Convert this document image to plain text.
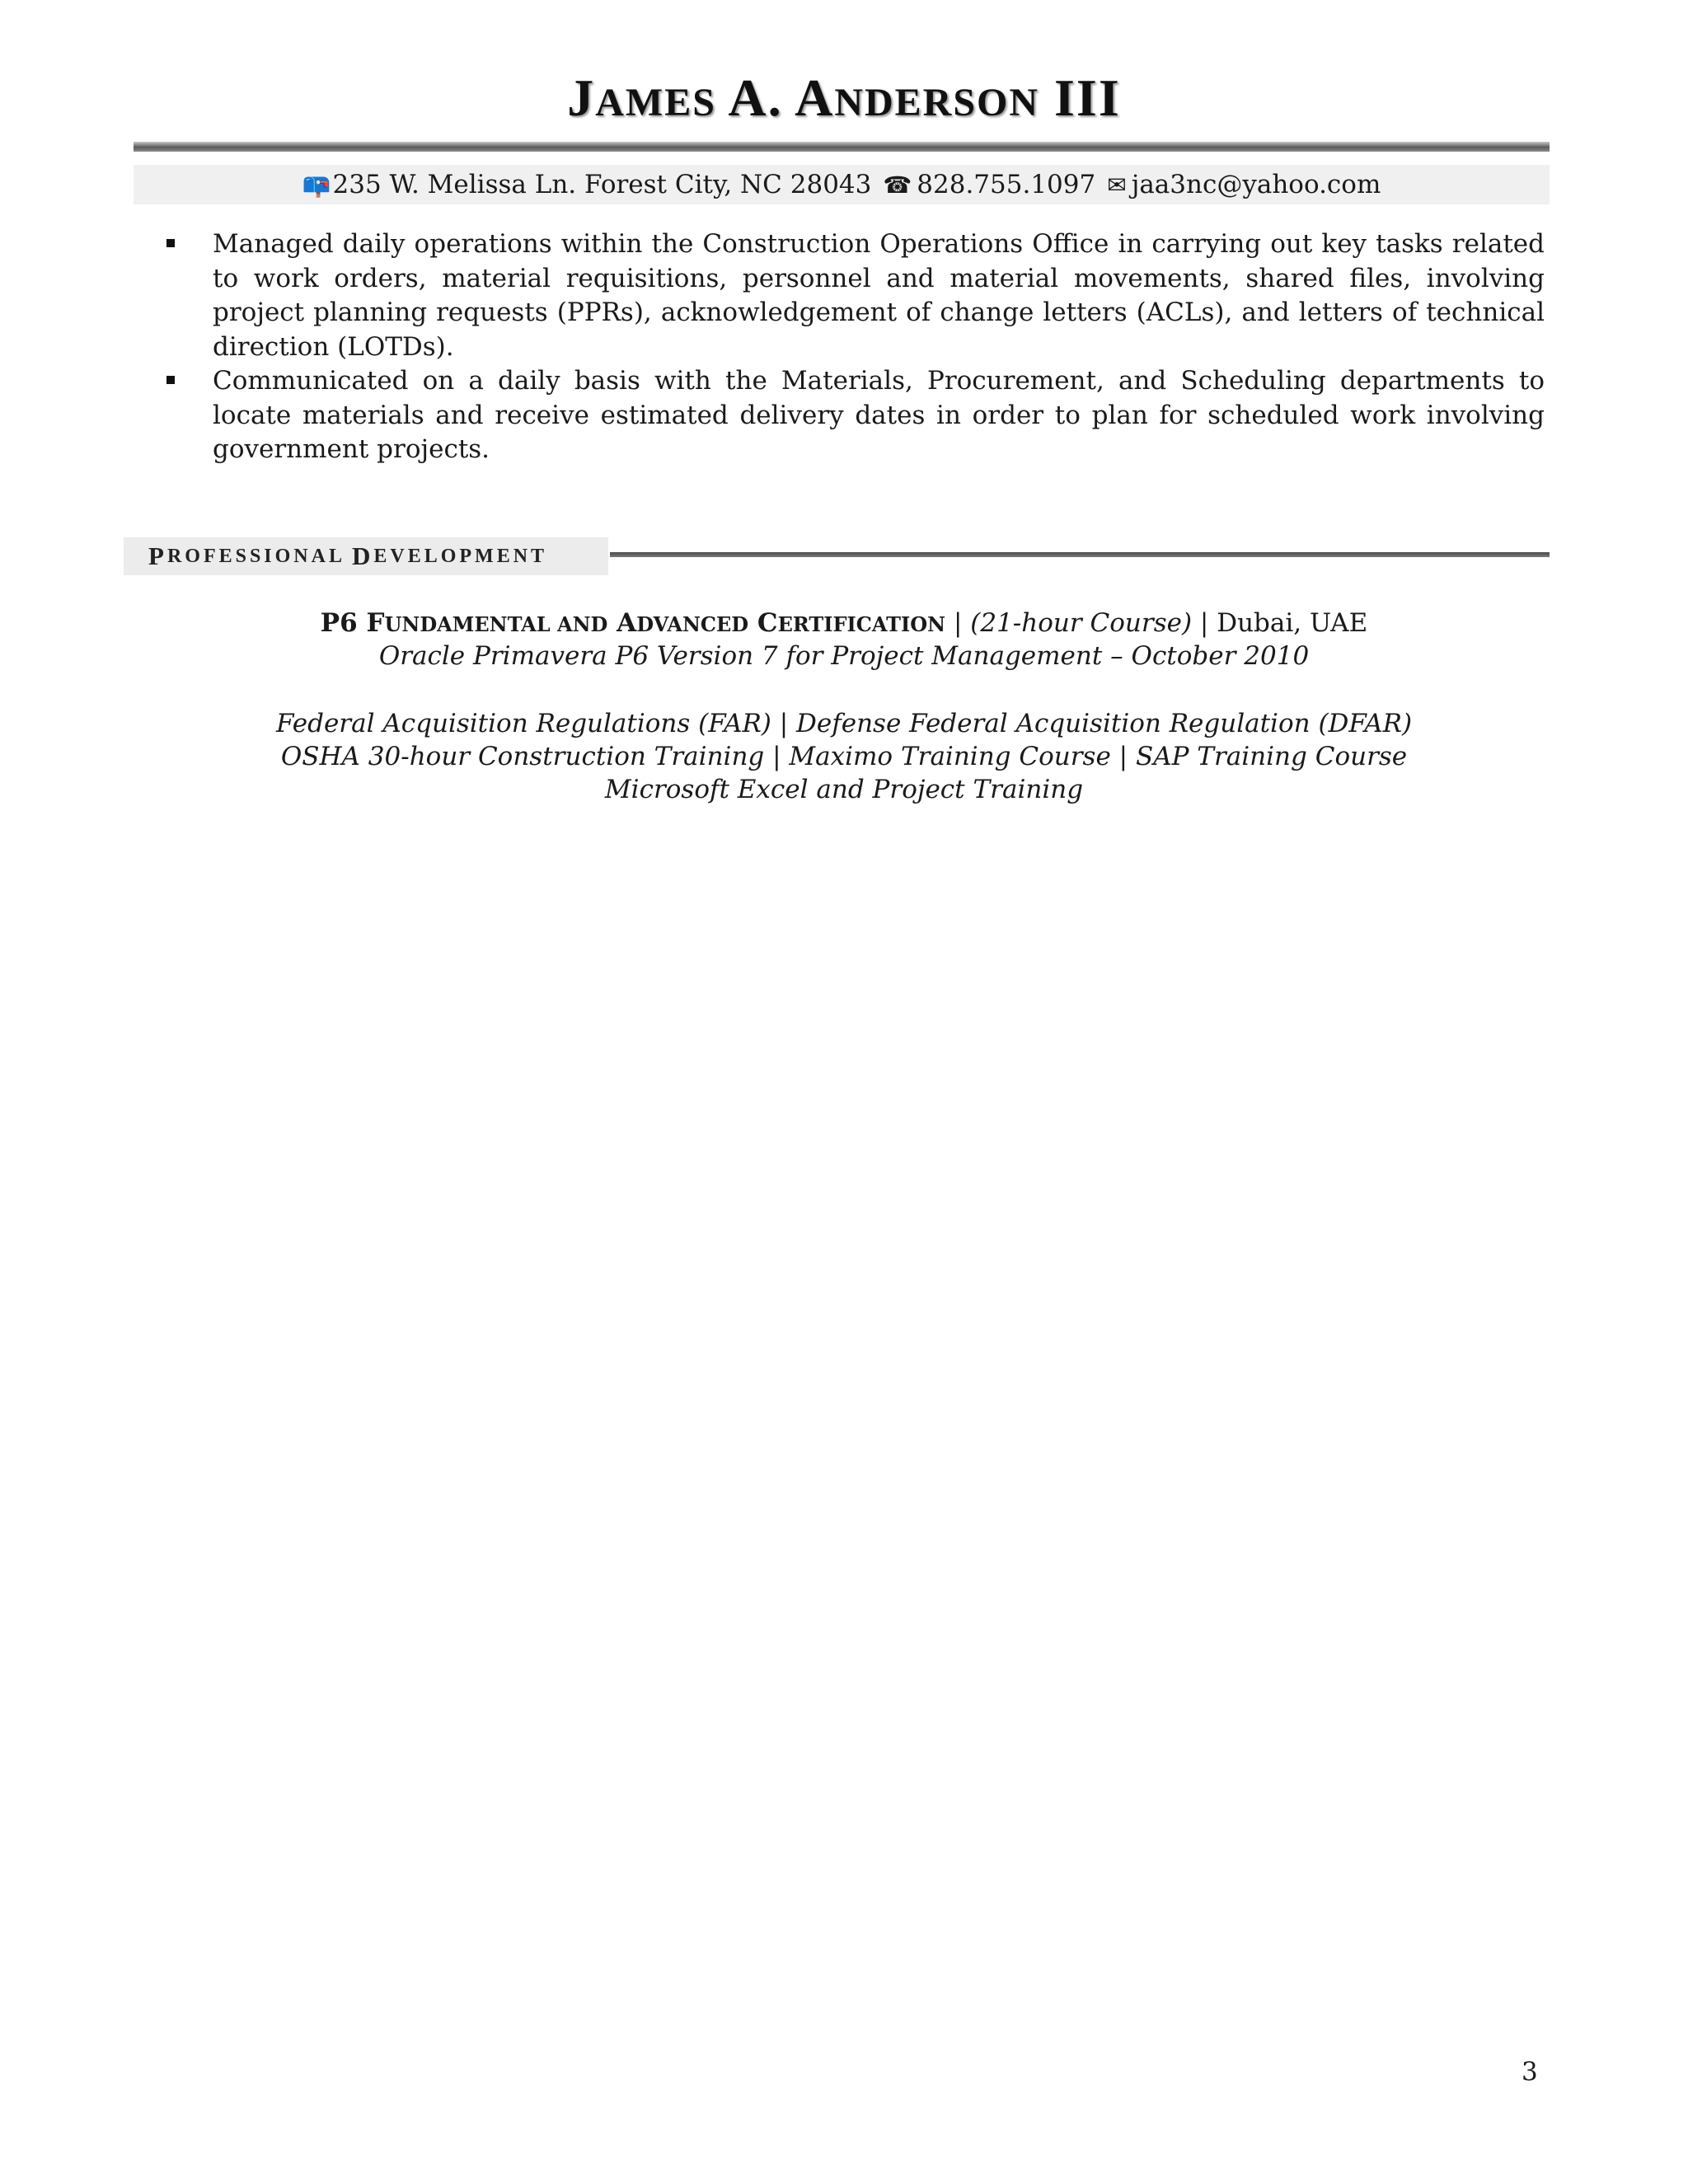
JAMES A. ANDERSON III
📪 235 W. Melissa Ln. Forest City, NC 28043 ☎ 828.755.1097 ✉ jaa3nc@yahoo.com
Managed daily operations within the Construction Operations Office in carrying out key tasks related to work orders, material requisitions, personnel and material movements, shared files, involving project planning requests (PPRs), acknowledgement of change letters (ACLs), and letters of technical direction (LOTDs).
Communicated on a daily basis with the Materials, Procurement, and Scheduling departments to locate materials and receive estimated delivery dates in order to plan for scheduled work involving government projects.
P ROFESSIONAL
D EVELOPMENT
P6 FUNDAMENTAL AND ADVANCED CERTIFICATION | (21-hour Course) | Dubai, UAE
Oracle Primavera P6 Version 7 for Project Management – October 2010
Federal Acquisition Regulations (FAR) | Defense Federal Acquisition Regulation (DFAR)
OSHA 30-hour Construction Training | Maximo Training Course | SAP Training Course
Microsoft Excel and Project Training
3
